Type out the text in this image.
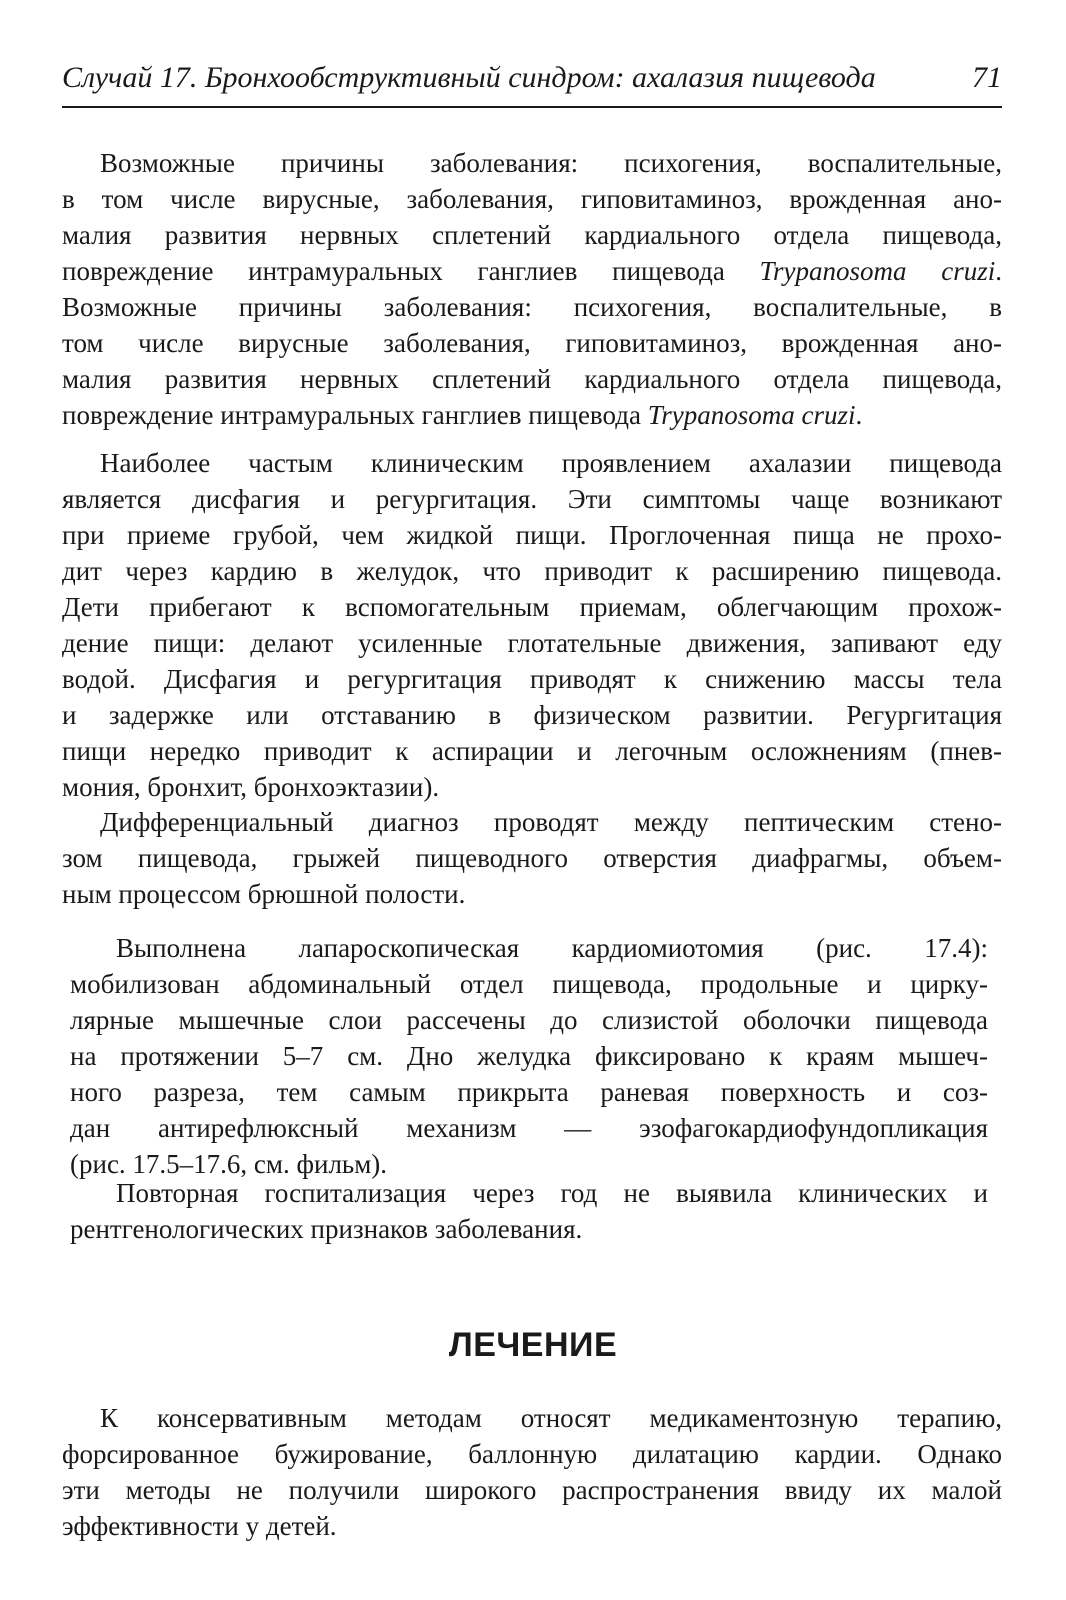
Случай 17. Бронхообструктивный синдром: ахалазия пищевода	71
Возможные причины заболевания: психогения, воспалительные,
в том числе вирусные, заболевания, гиповитаминоз, врожденная ано-
малия развития нервных сплетений кардиального отдела пищевода,
повреждение интрамуральных ганглиев пищевода Trypanosoma cruzi.
Возможные причины заболевания: психогения, воспалительные, в
том числе вирусные заболевания, гиповитаминоз, врожденная ано-
малия развития нервных сплетений кардиального отдела пищевода,
повреждение интрамуральных ганглиев пищевода Trypanosoma cruzi.
Наиболее частым клиническим проявлением ахалазии пищевода
является дисфагия и регургитация. Эти симптомы чаще возникают
при приеме грубой, чем жидкой пищи. Проглоченная пища не прохо-
дит через кардию в желудок, что приводит к расширению пищевода.
Дети прибегают к вспомогательным приемам, облегчающим прохож-
дение пищи: делают усиленные глотательные движения, запивают еду
водой. Дисфагия и регургитация приводят к снижению массы тела
и задержке или отставанию в физическом развитии. Регургитация
пищи нередко приводит к аспирации и легочным осложнениям (пнев-
мония, бронхит, бронхоэктазии).
Дифференциальный диагноз проводят между пептическим стено-
зом пищевода, грыжей пищеводного отверстия диафрагмы, объем-
ным процессом брюшной полости.
Выполнена лапароскопическая кардиомиотомия (рис. 17.4):
мобилизован абдоминальный отдел пищевода, продольные и цирку-
лярные мышечные слои рассечены до слизистой оболочки пищевода
на протяжении 5–7 см. Дно желудка фиксировано к краям мышеч-
ного разреза, тем самым прикрыта раневая поверхность и соз-
дан антирефлюксный механизм — эзофагокардиофундопликация
(рис. 17.5–17.6, см. фильм).
Повторная госпитализация через год не выявила клинических и
рентгенологических признаков заболевания.
ЛЕЧЕНИЕ
К консервативным методам относят медикаментозную терапию,
форсированное бужирование, баллонную дилатацию кардии. Однако
эти методы не получили широкого распространения ввиду их малой
эффективности у детей.
